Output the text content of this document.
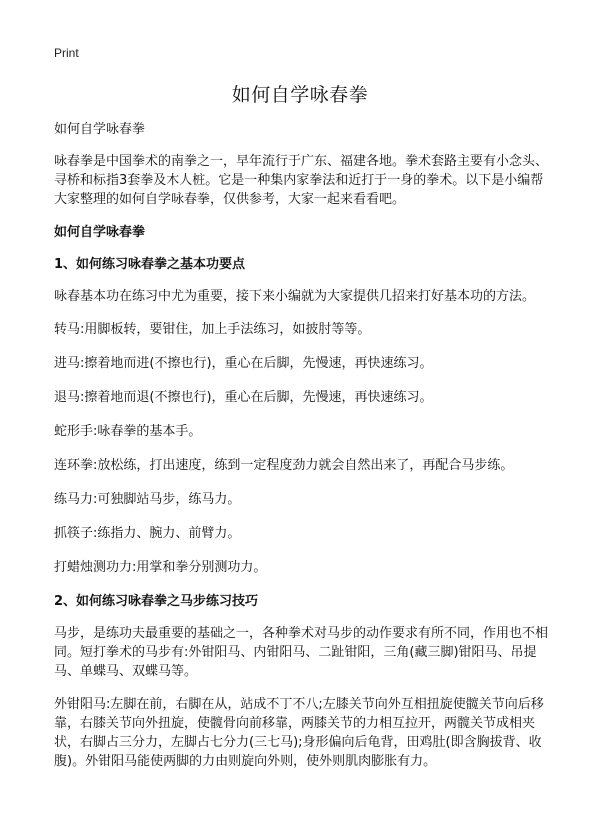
Print
如何自学咏春拳

如何自学咏春拳

咏春拳是中国拳术的南拳之一，早年流行于广东、福建各地。拳术套路主要有小念头、寻桥和标指3套拳及木人桩。它是一种集内家拳法和近打于一身的拳术。以下是小编帮大家整理的如何自学咏春拳，仅供参考，大家一起来看看吧。

如何自学咏春拳

1、如何练习咏春拳之基本功要点

咏春基本功在练习中尤为重要，接下来小编就为大家提供几招来打好基本功的方法。

转马:用脚板转，要钳住，加上手法练习，如披肘等等。

进马:擦着地而进(不擦也行)，重心在后脚，先慢速，再快速练习。

退马:擦着地而退(不擦也行)，重心在后脚，先慢速，再快速练习。

蛇形手:咏春拳的基本手。

连环拳:放松练，打出速度，练到一定程度劲力就会自然出来了，再配合马步练。

练马力:可独脚站马步，练马力。

抓筷子:练指力、腕力、前臂力。

打蜡烛测功力:用掌和拳分别测功力。

2、如何练习咏春拳之马步练习技巧

马步，是练功夫最重要的基础之一，各种拳术对马步的动作要求有所不同，作用也不相同。短打拳术的马步有:外钳阳马、内钳阳马、二趾钳阳，三角(藏三脚)钳阳马、吊提马、单蝶马、双蝶马等。

外钳阳马:左脚在前，右脚在从，站成不丁不八;左膝关节向外互相扭旋使髋关节向后移靠，右膝关节向外扭旋，使髋骨向前移靠，两膝关节的力相互拉开，两髋关节成相夹状，右脚占三分力，左脚占七分力(三七马);身形偏向后龟背，田鸡肚(即含胸拔背、收腹)。外钳阳马能使两脚的力由则旋向外则，使外则肌肉膨胀有力。
